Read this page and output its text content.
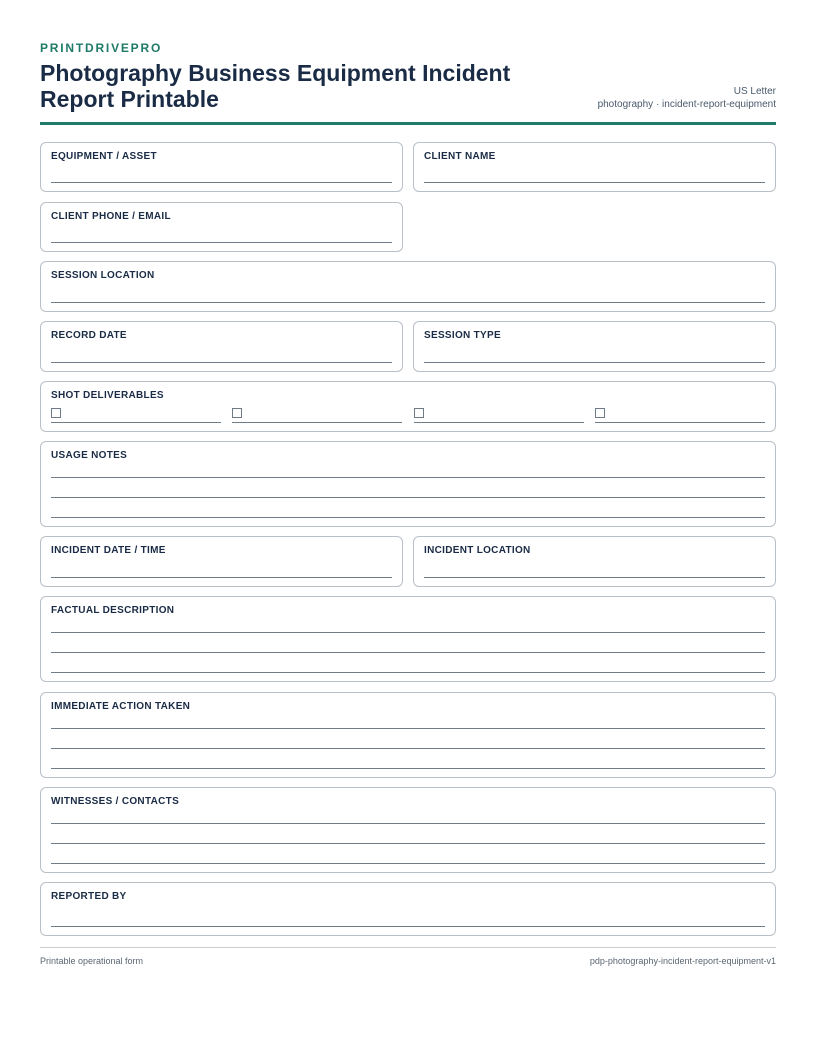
PRINTDRIVEPRO
Photography Business Equipment Incident Report Printable	US Letter
photography · incident-report-equipment
EQUIPMENT / ASSET	CLIENT NAME
CLIENT PHONE / EMAIL
SESSION LOCATION
RECORD DATE	SESSION TYPE
SHOT DELIVERABLES
USAGE NOTES
INCIDENT DATE / TIME	INCIDENT LOCATION
FACTUAL DESCRIPTION
IMMEDIATE ACTION TAKEN
WITNESSES / CONTACTS
REPORTED BY
Printable operational form	pdp-photography-incident-report-equipment-v1
